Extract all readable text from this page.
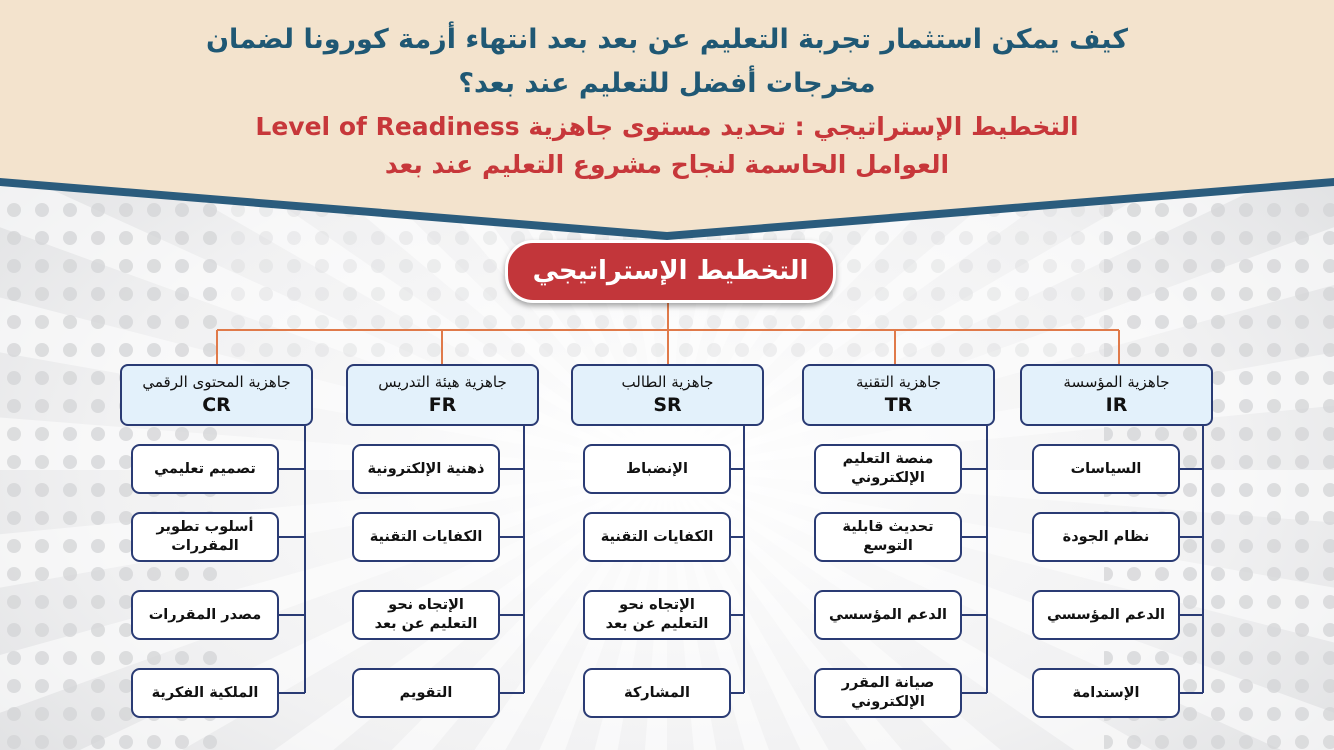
كيف يمكن استثمار تجربة التعليم عن بعد بعد انتهاء أزمة كورونا لضمان
مخرجات أفضل للتعليم عند بعد؟
التخطيط الإستراتيجي : تحديد مستوى جاهزية Level of Readiness
العوامل الحاسمة لنجاح مشروع التعليم عند بعد
التخطيط الإستراتيجي
جاهزية المحتوى الرقمي
CR
تصميم تعليمي
أسلوب تطوير المقررات
مصدر المقررات
الملكية الفكرية
جاهزية هيئة التدريس
FR
ذهنية الإلكترونية
الكفايات التقنية
الإتجاه نحو التعليم عن بعد
التقويم
جاهزية الطالب
SR
الإنضباط
الكفايات التقنية
الإتجاه نحو التعليم عن بعد
المشاركة
جاهزية التقنية
TR
منصة التعليم الإلكتروني
تحديث قابلية التوسع
الدعم المؤسسي
صيانة المقرر الإلكتروني
جاهزية المؤسسة
IR
السياسات
نظام الجودة
الدعم المؤسسي
الإستدامة
